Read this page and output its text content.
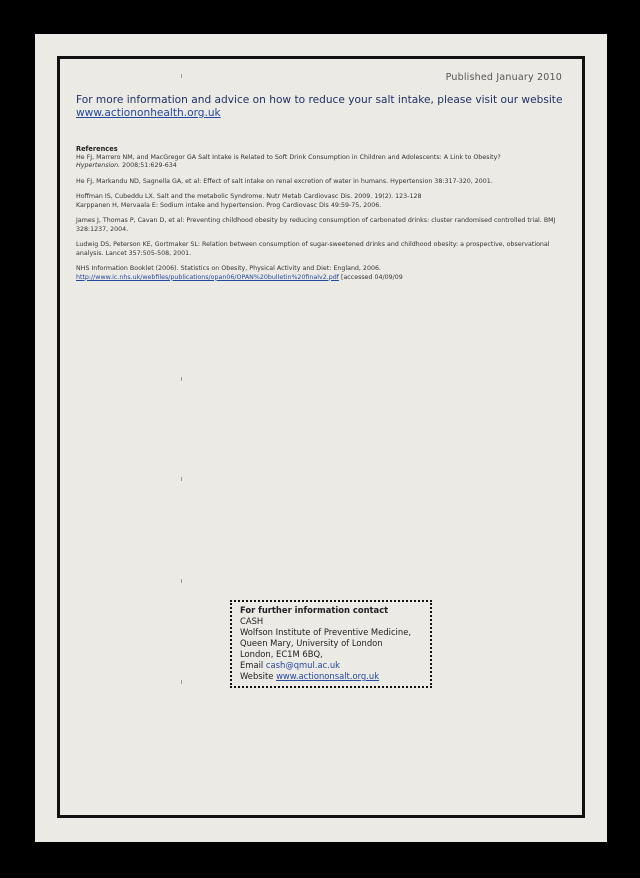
Published January 2010
For more information and advice on how to reduce your salt intake, please visit our website
www.actiononhealth.org.uk
References
He FJ, Marrero NM, and MacGregor GA Salt Intake is Related to Soft Drink Consumption in Children and Adolescents: A Link to Obesity?
Hypertension. 2008;51:629-634
He FJ, Markandu ND, Sagnella GA, et al: Effect of salt intake on renal excretion of water in humans. Hypertension 38:317-320, 2001.
Hoffman IS, Cubeddu LX. Salt and the metabolic Syndrome. Nutr Metab Cardiovasc Dis. 2009. 19(2). 123-128
Karppanen H, Mervaala E: Sodium intake and hypertension. Prog Cardiovasc Dis 49:59-75, 2006.
James J, Thomas P, Cavan D, et al: Preventing childhood obesity by reducing consumption of carbonated drinks: cluster randomised controlled trial. BMJ 328:1237, 2004.
Ludwig DS, Peterson KE, Gortmaker SL: Relation between consumption of sugar-sweetened drinks and childhood obesity: a prospective, observational analysis. Lancet 357:505-508, 2001.
NHS Information Booklet (2006). Statistics on Obesity, Physical Activity and Diet: England, 2006.
http://www.ic.nhs.uk/webfiles/publications/opan06/OPAN%20bulletin%20finalv2.pdf [accessed 04/09/09
For further information contact
CASH
Wolfson Institute of Preventive Medicine,
Queen Mary, University of London
London, EC1M 6BQ,
Email cash@qmul.ac.uk
Website www.actiononsalt.org.uk
